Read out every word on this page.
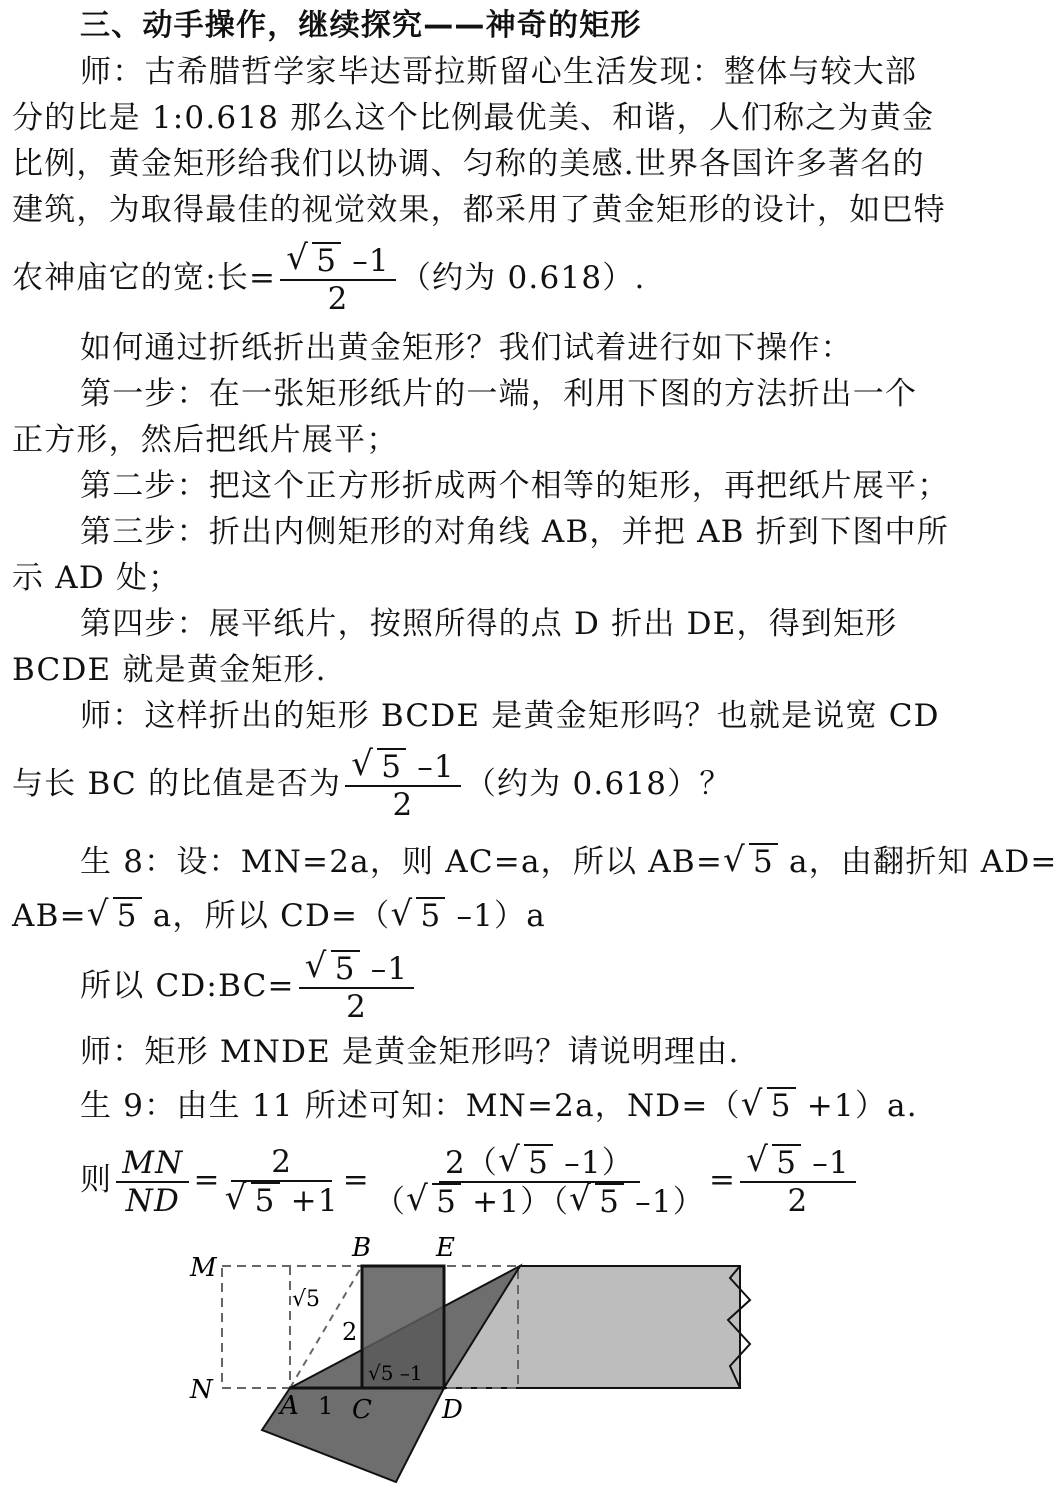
三、动手操作，继续探究——神奇的矩形
师：古希腊哲学家毕达哥拉斯留心生活发现：整体与较大部
分的比是 1:0.618 那么这个比例最优美、和谐，人们称之为黄金
比例，黄金矩形给我们以协调、匀称的美感.世界各国许多著名的
建筑，为取得最佳的视觉效果，都采用了黄金矩形的设计，如巴特
农神庙它的宽:长= √ $\frac{5 -1}{2}$ （约为 0.618）.
如何通过折纸折出黄金矩形？我们试着进行如下操作：
第一步：在一张矩形纸片的一端，利用下图的方法折出一个
正方形，然后把纸片展平；
第二步：把这个正方形折成两个相等的矩形，再把纸片展平；
第三步：折出内侧矩形的对角线 AB，并把 AB 折到下图中所
示 AD 处；
第四步：展平纸片，按照所得的点 D 折出 DE，得到矩形
BCDE 就是黄金矩形.
师：这样折出的矩形 BCDE 是黄金矩形吗？也就是说宽 CD
与长 BC 的比值是否为 √ $\frac{5 -1}{2}$ （约为 0.618）？
生 8：设：MN=2a，则 AC=a，所以 AB= √ 5 a，由翻折知 AD=
AB= √ 5 a，所以 CD=（ √ 5 –1）a
所以 CD:BC= √ $\frac{5 -1}{2}$
师：矩形 MNDE 是黄金矩形吗？请说明理由.
生 9：由生 11 所述可知：MN=2a，ND=（ √ 5 +1）a.
则 $\frac{MN}{ND} = 2$
√ $5 +1 = \frac{2( √ 5 -1)}{( √ 5 +1)( √ 5 -1)}$ = √ $\frac{5 -1}{2}$
M
N
A 1 C	D
B E
2
√5
√5 –1
